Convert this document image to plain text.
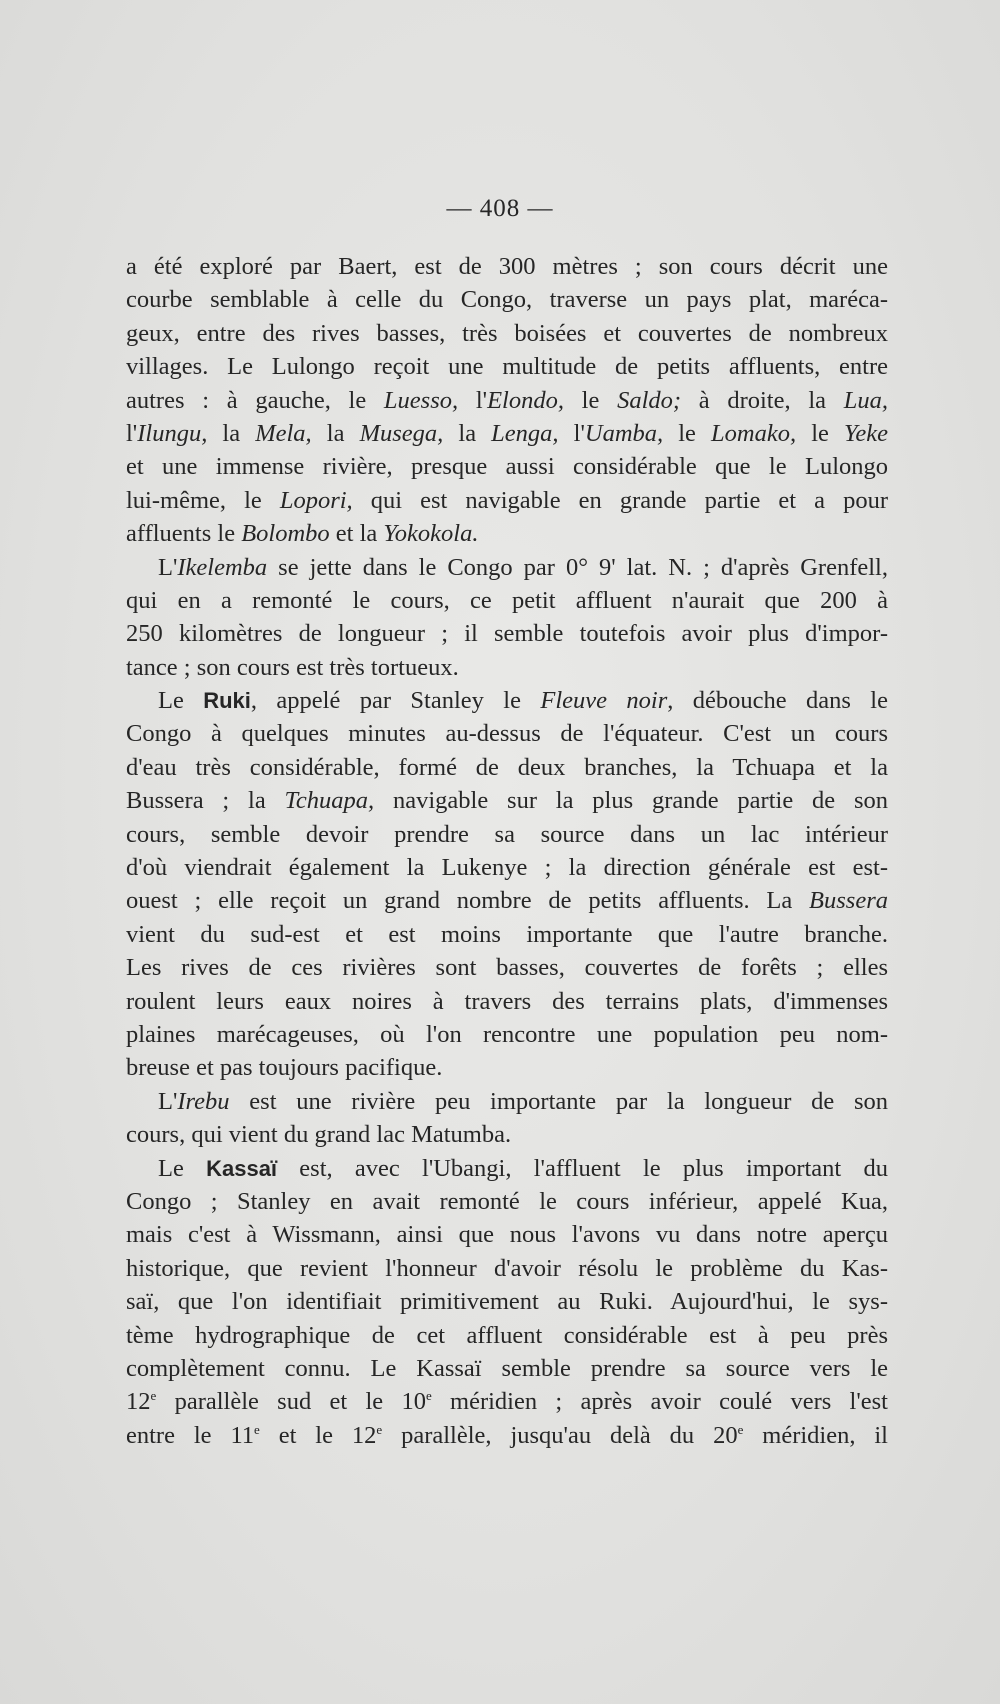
— 408 —
a été exploré par Baert, est de 300 mètres ; son cours décrit une
courbe semblable à celle du Congo, traverse un pays plat, maréca-
geux, entre des rives basses, très boisées et couvertes de nombreux
villages. Le Lulongo reçoit une multitude de petits affluents, entre
autres : à gauche, le Luesso, l'Elondo, le Saldo; à droite, la Lua,
l'Ilungu, la Mela, la Musega, la Lenga, l'Uamba, le Lomako, le Yeke
et une immense rivière, presque aussi considérable que le Lulongo
lui-même, le Lopori, qui est navigable en grande partie et a pour
affluents le Bolombo et la Yokokola.
L'Ikelemba se jette dans le Congo par 0° 9' lat. N. ; d'après Grenfell,
qui en a remonté le cours, ce petit affluent n'aurait que 200 à
250 kilomètres de longueur ; il semble toutefois avoir plus d'impor-
tance ; son cours est très tortueux.
Le Ruki, appelé par Stanley le Fleuve noir, débouche dans le
Congo à quelques minutes au-dessus de l'équateur. C'est un cours
d'eau très considérable, formé de deux branches, la Tchuapa et la
Bussera ; la Tchuapa, navigable sur la plus grande partie de son
cours, semble devoir prendre sa source dans un lac intérieur
d'où viendrait également la Lukenye ; la direction générale est est-
ouest ; elle reçoit un grand nombre de petits affluents. La Bussera
vient du sud-est et est moins importante que l'autre branche.
Les rives de ces rivières sont basses, couvertes de forêts ; elles
roulent leurs eaux noires à travers des terrains plats, d'immenses
plaines marécageuses, où l'on rencontre une population peu nom-
breuse et pas toujours pacifique.
L'Irebu est une rivière peu importante par la longueur de son
cours, qui vient du grand lac Matumba.
Le Kassaï est, avec l'Ubangi, l'affluent le plus important du
Congo ; Stanley en avait remonté le cours inférieur, appelé Kua,
mais c'est à Wissmann, ainsi que nous l'avons vu dans notre aperçu
historique, que revient l'honneur d'avoir résolu le problème du Kas-
saï, que l'on identifiait primitivement au Ruki. Aujourd'hui, le sys-
tème hydrographique de cet affluent considérable est à peu près
complètement connu. Le Kassaï semble prendre sa source vers le
12e parallèle sud et le 10e méridien ; après avoir coulé vers l'est
entre le 11e et le 12e parallèle, jusqu'au delà du 20e méridien, il
